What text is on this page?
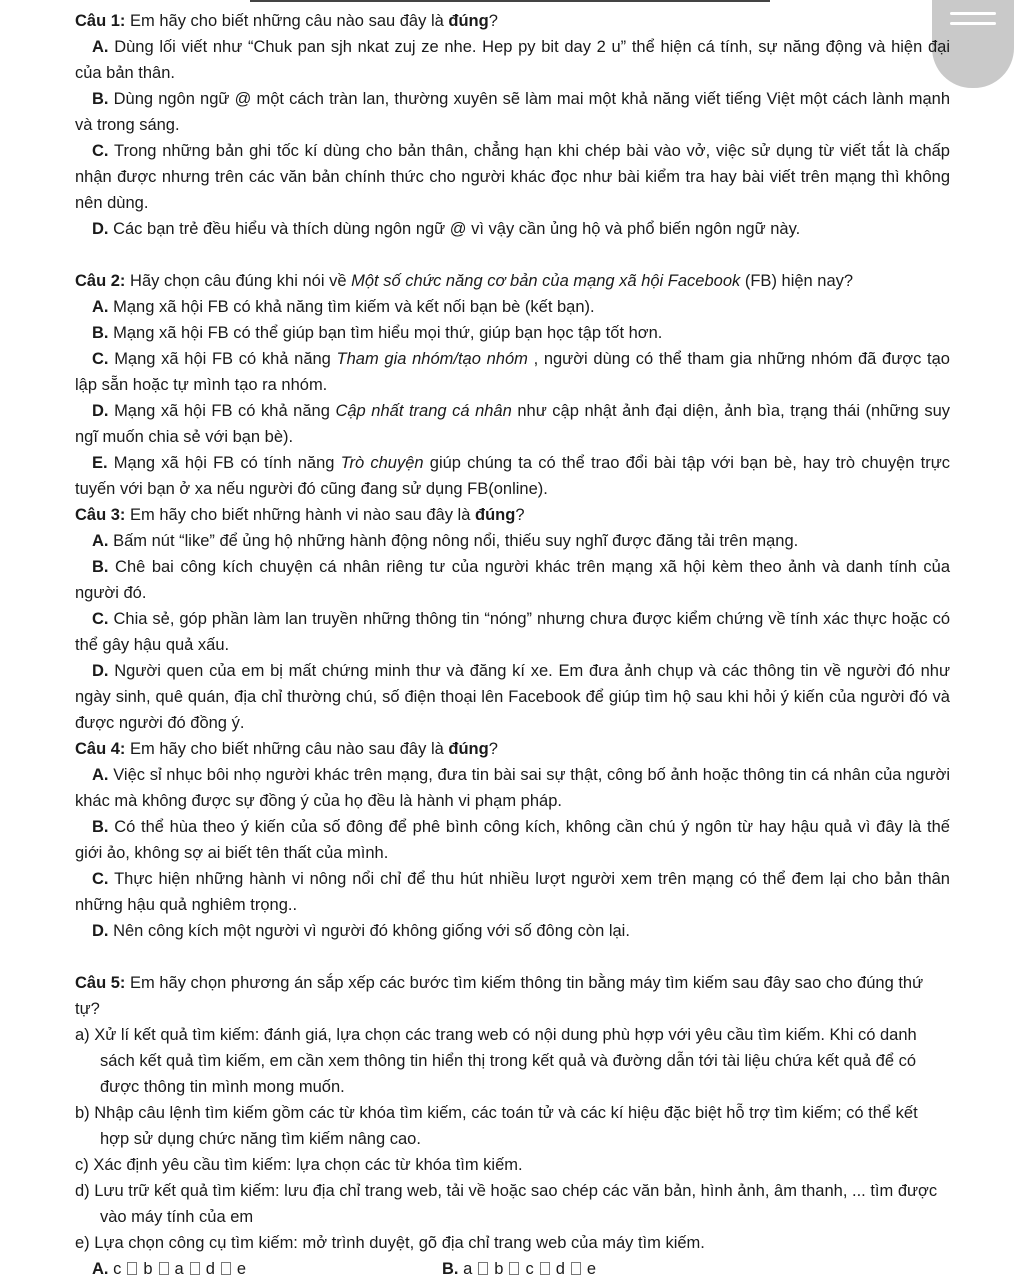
Câu 1: Em hãy cho biết những câu nào sau đây là đúng?

A. Dùng lối viết như “Chuk pan sjh nkat zuj ze nhe. Hep py bit day 2 u” thể hiện cá tính, sự năng động và hiện đại của bản thân.

B. Dùng ngôn ngữ @ một cách tràn lan, thường xuyên sẽ làm mai một khả năng viết tiếng Việt một cách lành mạnh và trong sáng.

C. Trong những bản ghi tốc kí dùng cho bản thân, chẳng hạn khi chép bài vào vở, việc sử dụng từ viết tắt là chấp nhận được nhưng trên các văn bản chính thức cho người khác đọc như bài kiểm tra hay bài viết trên mạng thì không nên dùng.

D. Các bạn trẻ đều hiểu và thích dùng ngôn ngữ @ vì vậy cần ủng hộ và phổ biến ngôn ngữ này.

Câu 2: Hãy chọn câu đúng khi nói về Một số chức năng cơ bản của mạng xã hội Facebook (FB) hiện nay?

A. Mạng xã hội FB có khả năng tìm kiếm và kết nối bạn bè (kết bạn).

B. Mạng xã hội FB có thể giúp bạn tìm hiểu mọi thứ, giúp bạn học tập tốt hơn.

C. Mạng xã hội FB có khả năng Tham gia nhóm/tạo nhóm , người dùng có thể tham gia những nhóm đã được tạo lập sẵn hoặc tự mình tạo ra nhóm.

D. Mạng xã hội FB có khả năng Cập nhất trang cá nhân như cập nhật ảnh đại diện, ảnh bìa, trạng thái (những suy ngĩ muốn chia sẻ với bạn bè).

E. Mạng xã hội FB có tính năng Trò chuyện giúp chúng ta có thể trao đổi bài tập với bạn bè, hay trò chuyện trực tuyến với bạn ở xa nếu người đó cũng đang sử dụng FB(online).

Câu 3: Em hãy cho biết những hành vi nào sau đây là đúng?

A. Bấm nút “like” để ủng hộ những hành động nông nổi, thiếu suy nghĩ được đăng tải trên mạng.

B. Chê bai công kích chuyện cá nhân riêng tư của người khác trên mạng xã hội kèm theo ảnh và danh tính của người đó.

C. Chia sẻ, góp phần làm lan truyền những thông tin “nóng” nhưng chưa được kiểm chứng về tính xác thực hoặc có thể gây hậu quả xấu.

D. Người quen của em bị mất chứng minh thư và đăng kí xe. Em đưa ảnh chụp và các thông tin về người đó như ngày sinh, quê quán, địa chỉ thường chú, số điện thoại lên Facebook để giúp tìm hộ sau khi hỏi ý kiến của người đó và được người đó đồng ý.

Câu 4: Em hãy cho biết những câu nào sau đây là đúng?

A. Việc sỉ nhục bôi nhọ người khác trên mạng, đưa tin bài sai sự thật, công bố ảnh hoặc thông tin cá nhân của người khác mà không được sự đồng ý của họ đều là hành vi phạm pháp.

B. Có thể hùa theo ý kiến của số đông để phê bình công kích, không cần chú ý ngôn từ hay hậu quả vì đây là thế giới ảo, không sợ ai biết tên thất của mình.

C. Thực hiện những hành vi nông nổi chỉ để thu hút nhiều lượt người xem trên mạng có thể đem lại cho bản thân những hậu quả nghiêm trọng..

D. Nên công kích một người vì người đó không giống với số đông còn lại.

Câu 5: Em hãy chọn phương án sắp xếp các bước tìm kiếm thông tin bằng máy tìm kiếm sau đây sao cho đúng thứ tự?

a) Xử lí kết quả tìm kiếm: đánh giá, lựa chọn các trang web có nội dung phù hợp với yêu cầu tìm kiếm. Khi có danh sách kết quả tìm kiếm, em cần xem thông tin hiển thị trong kết quả và đường dẫn tới tài liệu chứa kết quả để có được thông tin mình mong muốn.

b) Nhập câu lệnh tìm kiếm gồm các từ khóa tìm kiếm, các toán tử và các kí hiệu đặc biệt hỗ trợ tìm kiếm; có thể kết hợp sử dụng chức năng tìm kiếm nâng cao.

c) Xác định yêu cầu tìm kiếm: lựa chọn các từ khóa tìm kiếm.

d) Lưu trữ kết quả tìm kiếm: lưu địa chỉ trang web, tải về hoặc sao chép các văn bản, hình ảnh, âm thanh, ... tìm được vào máy tính của em

e) Lựa chọn công cụ tìm kiếm: mở trình duyệt, gõ địa chỉ trang web của máy tìm kiếm.

A. c b a d e	B. a b c d e
